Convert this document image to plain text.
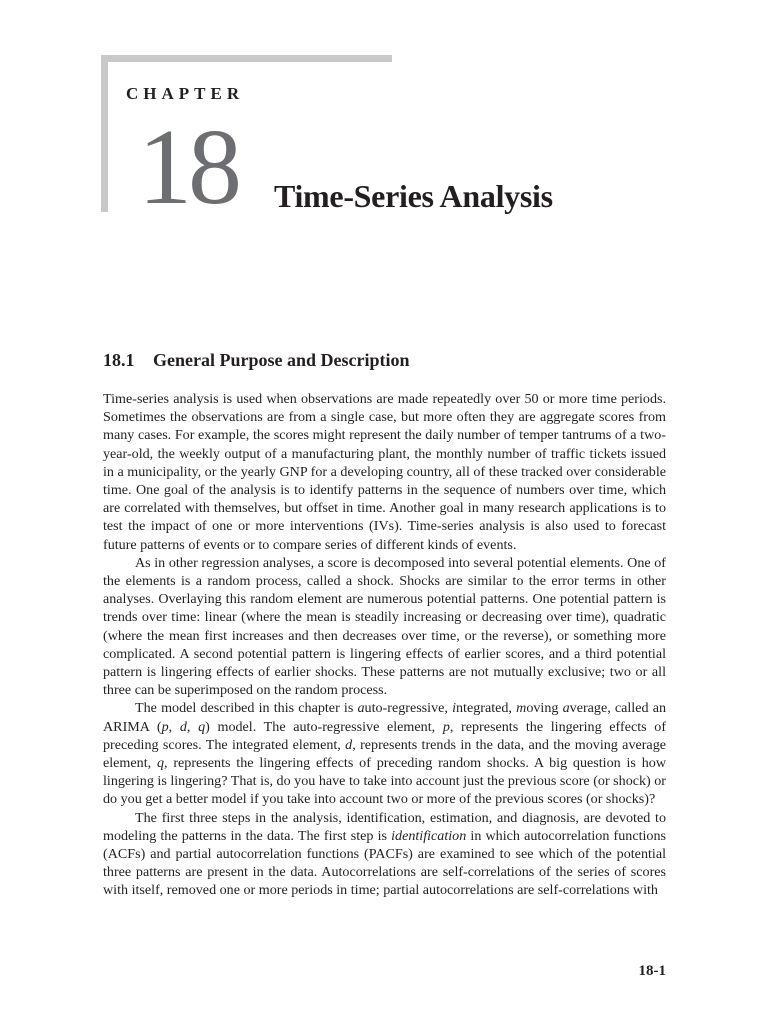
CHAPTER
18 Time-Series Analysis
18.1 General Purpose and Description

Time-series analysis is used when observations are made repeatedly over 50 or more time periods. Sometimes the observations are from a single case, but more often they are aggregate scores from many cases. For example, the scores might represent the daily number of temper tantrums of a two-year-old, the weekly output of a manufacturing plant, the monthly number of traffic tickets issued in a municipality, or the yearly GNP for a developing country, all of these tracked over considerable time. One goal of the analysis is to identify patterns in the sequence of numbers over time, which are correlated with themselves, but offset in time. Another goal in many research applications is to test the impact of one or more interventions (IVs). Time-series analysis is also used to forecast future patterns of events or to compare series of different kinds of events.

As in other regression analyses, a score is decomposed into several potential elements. One of the elements is a random process, called a shock. Shocks are similar to the error terms in other analyses. Overlaying this random element are numerous potential patterns. One potential pattern is trends over time: linear (where the mean is steadily increasing or decreasing over time), quadratic (where the mean first increases and then decreases over time, or the reverse), or something more complicated. A second potential pattern is lingering effects of earlier scores, and a third potential pattern is lingering effects of earlier shocks. These patterns are not mutually exclusive; two or all three can be superimposed on the random process.

The model described in this chapter is auto-regressive, integrated, moving average, called an ARIMA (p, d, q) model. The auto-regressive element, p, represents the lingering effects of preceding scores. The integrated element, d, represents trends in the data, and the moving average element, q, represents the lingering effects of preceding random shocks. A big question is how lingering is lingering? That is, do you have to take into account just the previous score (or shock) or do you get a better model if you take into account two or more of the previous scores (or shocks)?

The first three steps in the analysis, identification, estimation, and diagnosis, are devoted to modeling the patterns in the data. The first step is identification in which autocorrelation functions (ACFs) and partial autocorrelation functions (PACFs) are examined to see which of the potential three patterns are present in the data. Autocorrelations are self-correlations of the series of scores with itself, removed one or more periods in time; partial autocorrelations are self-correlations with

18-1
